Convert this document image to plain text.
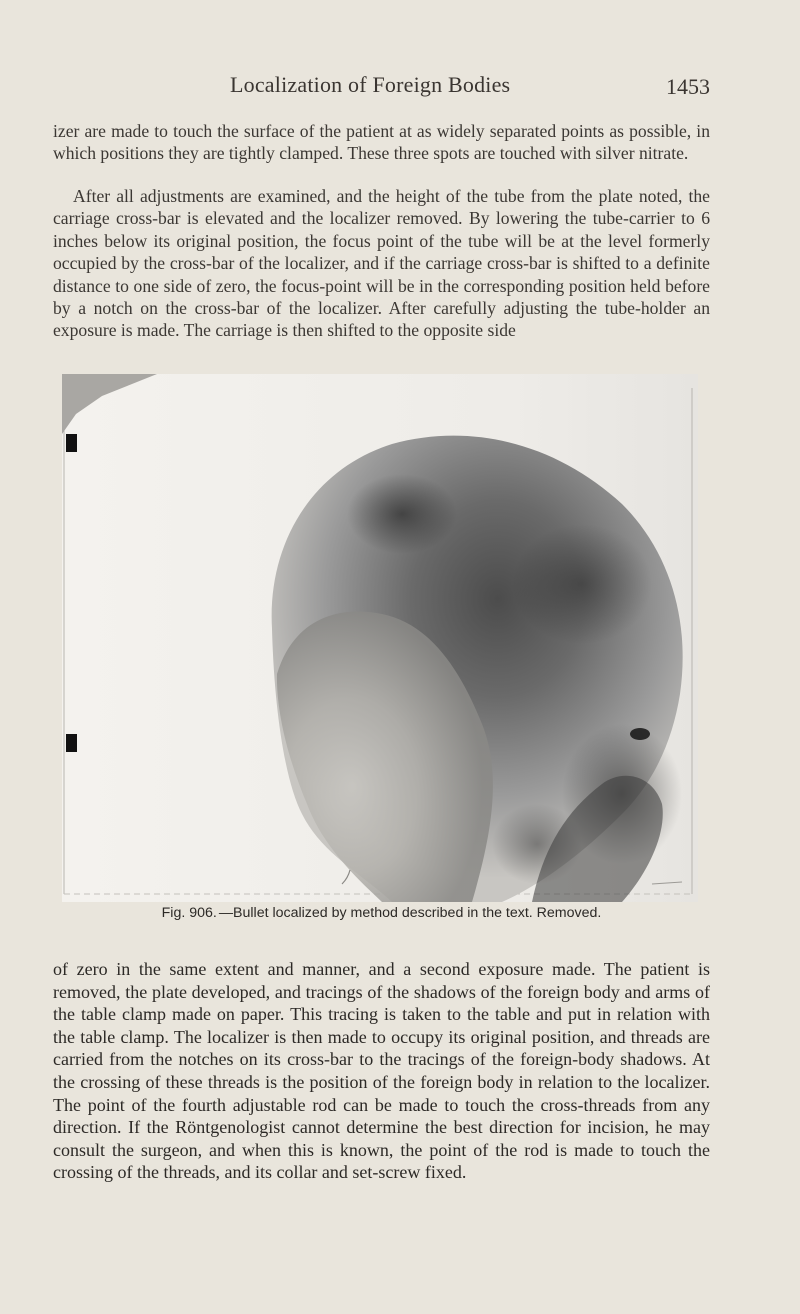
Localization of Foreign Bodies	1453

izer are made to touch the surface of the patient at as widely separated points as possible, in which positions they are tightly clamped. These three spots are touched with silver nitrate.

After all adjustments are examined, and the height of the tube from the plate noted, the carriage cross-bar is elevated and the localizer removed. By lowering the tube-carrier to 6 inches below its original position, the focus point of the tube will be at the level formerly occupied by the cross-bar of the localizer, and if the carriage cross-bar is shifted to a definite distance to one side of zero, the focus-point will be in the corresponding position held before by a notch on the cross-bar of the localizer. After carefully adjusting the tube-holder an exposure is made. The carriage is then shifted to the opposite side

Fig. 906. —Bullet localized by method described in the text. Removed.

of zero in the same extent and manner, and a second exposure made. The patient is removed, the plate developed, and tracings of the shadows of the foreign body and arms of the table clamp made on paper. This tracing is taken to the table and put in relation with the table clamp. The localizer is then made to occupy its original position, and threads are carried from the notches on its cross-bar to the tracings of the foreign-body shadows. At the crossing of these threads is the position of the foreign body in relation to the localizer. The point of the fourth adjustable rod can be made to touch the cross-threads from any direction. If the Röntgenologist cannot determine the best direction for incision, he may consult the surgeon, and when this is known, the point of the rod is made to touch the crossing of the threads, and its collar and set-screw fixed.
